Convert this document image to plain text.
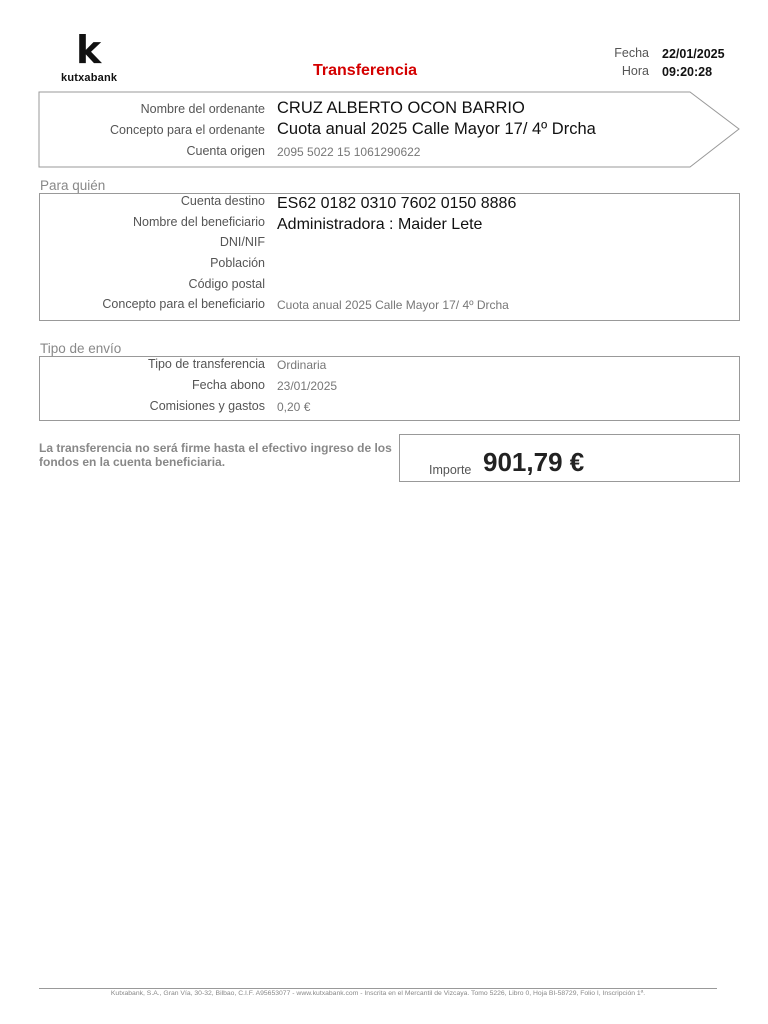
k
kutxabank	Transferencia
Fecha 22/01/2025
Hora 09:20:28
Nombre del ordenante CRUZ ALBERTO OCON BARRIO
Concepto para el ordenante Cuota anual 2025 Calle Mayor 17/ 4º Drcha
Cuenta origen 2095 5022 15 1061290622
Para quién
Cuenta destino ES62 0182 0310 7602 0150 8886
Nombre del beneficiario Administradora : Maider Lete
DNI/NIF
Población
Código postal
Concepto para el beneficiario Cuota anual 2025 Calle Mayor 17/ 4º Drcha
Tipo de envío
Tipo de transferencia Ordinaria
Fecha abono 23/01/2025
Comisiones y gastos 0,20 €
La transferencia no será firme hasta el efectivo ingreso de los fondos en la cuenta beneficiaria.
Importe 901,79 €
Kutxabank, S.A., Gran Vía, 30-32, Bilbao, C.I.F. A95653077 - www.kutxabank.com - Inscrita en el Mercantil de Vizcaya. Tomo 5226, Libro 0, Hoja BI-58729, Folio I, Inscripción 1ª.
